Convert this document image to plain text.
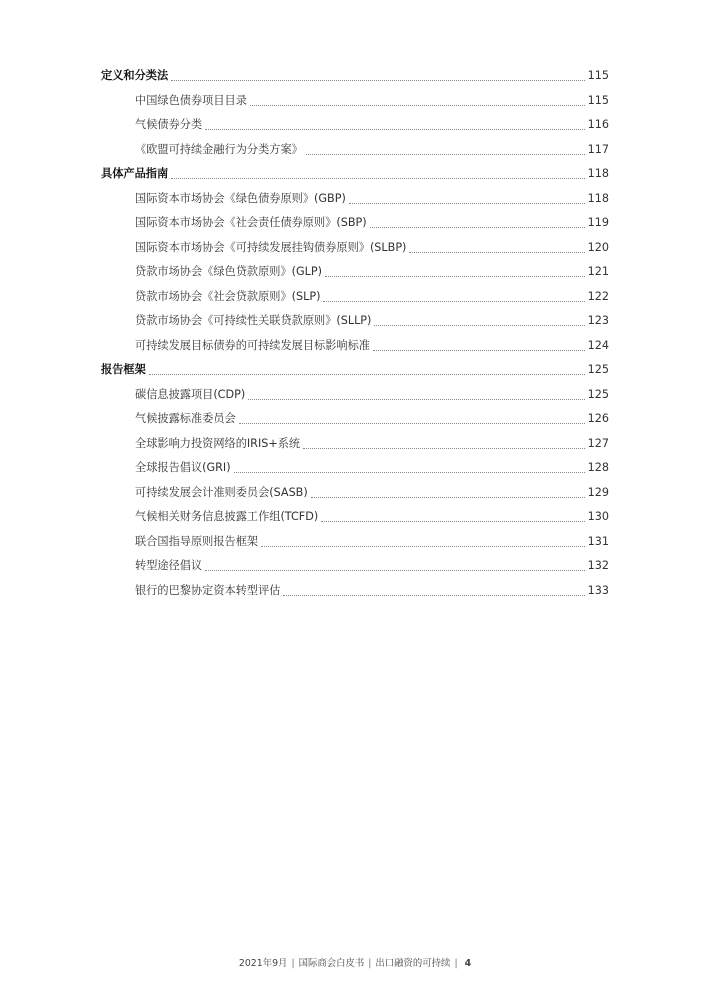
定义和分类法	115
中国绿色债券项目目录	115
气候债券分类	116
《欧盟可持续金融行为分类方案》	117
具体产品指南	118
国际资本市场协会《绿色债券原则》(GBP)	118
国际资本市场协会《社会责任债券原则》(SBP)	119
国际资本市场协会《可持续发展挂钩债券原则》(SLBP)	120
贷款市场协会《绿色贷款原则》(GLP)	121
贷款市场协会《社会贷款原则》(SLP)	122
贷款市场协会《可持续性关联贷款原则》(SLLP)	123
可持续发展目标债券的可持续发展目标影响标准	124
报告框架	125
碳信息披露项目(CDP)	125
气候披露标准委员会	126
全球影响力投资网络的IRIS+系统	127
全球报告倡议(GRI)	128
可持续发展会计准则委员会(SASB)	129
气候相关财务信息披露工作组(TCFD)	130
联合国指导原则报告框架	131
转型途径倡议	132
银行的巴黎协定资本转型评估	133
2021年9月 | 国际商会白皮书 | 出口融资的可持续 | 4
